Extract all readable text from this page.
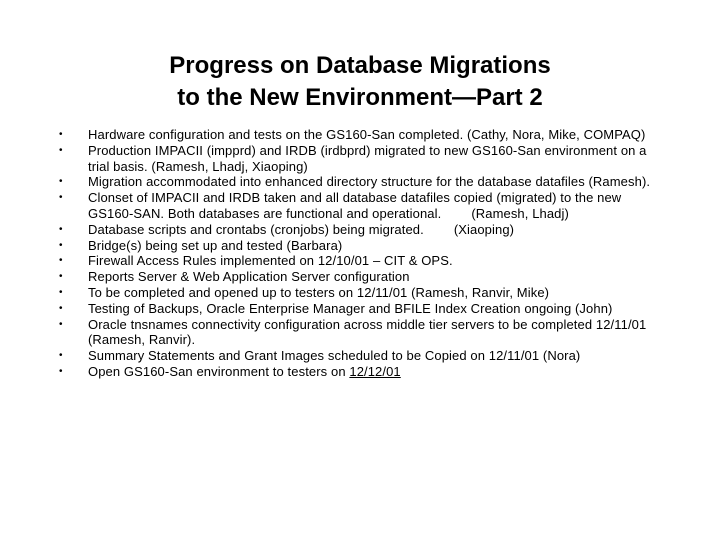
Progress on Database Migrations
to the New Environment—Part 2
• Hardware configuration and tests on the GS160-San completed. (Cathy, Nora, Mike, COMPAQ)
• Production IMPACII (impprd) and IRDB (irdbprd) migrated to new GS160-San environment on a trial basis. (Ramesh, Lhadj, Xiaoping)
• Migration accommodated into enhanced directory structure for the database datafiles (Ramesh).
• Clonset of IMPACII and IRDB taken and all database datafiles copied (migrated) to the new GS160-SAN. Both databases are functional and operational. (Ramesh, Lhadj)
• Database scripts and crontabs (cronjobs) being migrated. (Xiaoping)
• Bridge(s) being set up and tested (Barbara)
• Firewall Access Rules implemented on 12/10/01 – CIT & OPS.
• Reports Server & Web Application Server configuration
• To be completed and opened up to testers on 12/11/01 (Ramesh, Ranvir, Mike)
• Testing of Backups, Oracle Enterprise Manager and BFILE Index Creation ongoing (John)
• Oracle tnsnames connectivity configuration across middle tier servers to be completed 12/11/01 (Ramesh, Ranvir).
• Summary Statements and Grant Images scheduled to be Copied on 12/11/01 (Nora)
• Open GS160-San environment to testers on 12/12/01
